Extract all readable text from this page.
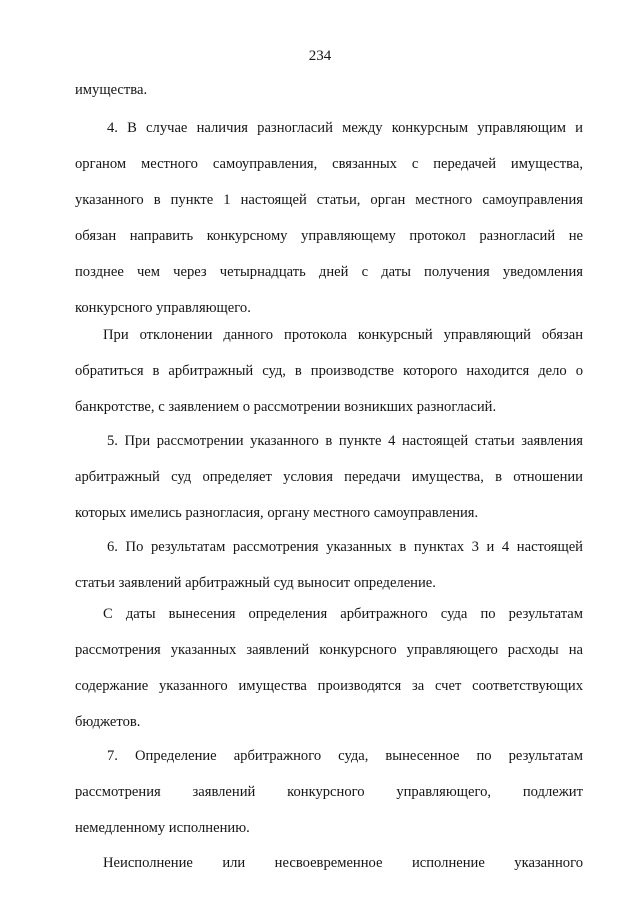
234
имущества.
4. В случае наличия разногласий между конкурсным управляющим и
органом местного самоуправления, связанных с передачей имущества,
указанного в пункте 1 настоящей статьи, орган местного самоуправления
обязан направить конкурсному управляющему протокол разногласий не
позднее чем через четырнадцать дней с даты получения уведомления
конкурсного управляющего.
При отклонении данного протокола конкурсный управляющий обязан
обратиться в арбитражный суд, в производстве которого находится дело о
банкротстве, с заявлением о рассмотрении возникших разногласий.
5. При рассмотрении указанного в пункте 4 настоящей статьи заявления
арбитражный суд определяет условия передачи имущества, в отношении
которых имелись разногласия, органу местного самоуправления.
6. По результатам рассмотрения указанных в пунктах 3 и 4 настоящей
статьи заявлений арбитражный суд выносит определение.
С даты вынесения определения арбитражного суда по результатам
рассмотрения указанных заявлений конкурсного управляющего расходы на
содержание указанного имущества производятся за счет соответствующих
бюджетов.
7. Определение арбитражного суда, вынесенное по результатам
рассмотрения заявлений конкурсного управляющего, подлежит
немедленному исполнению.
Неисполнение или несвоевременное исполнение указанного
